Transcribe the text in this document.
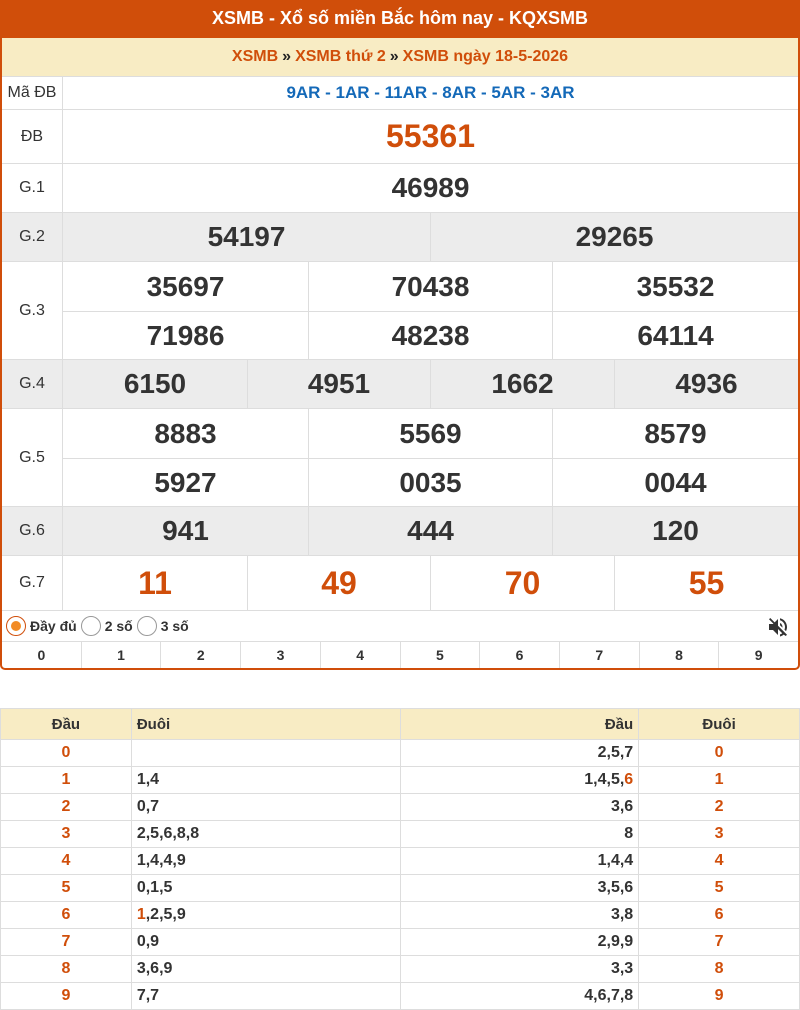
XSMB - Xổ số miền Bắc hôm nay - KQXSMB
XSMB » XSMB thứ 2 » XSMB ngày 18-5-2026
Mã ĐB	9AR - 1AR - 11AR - 8AR - 5AR - 3AR
ĐB	55361
G.1	46989
G.2	54197	29265
G.3
35697	70438	35532
71986	48238	64114
G.4	6150	4951	1662	4936
G.5
8883	5569	8579
5927	0035	0044
G.6	941	444	120
G.7	11	49	70	55
Đầy đủ 2 số 3 số
0	1	2	3	4	5	6	7	8	9
Đầu	Đuôi	Đầu	Đuôi
0		2,5,7	0
1	1,4	1,4,5,6	1
2	0,7	3,6	2
3	2,5,6,8,8	8	3
4	1,4,4,9	1,4,4	4
5	0,1,5	3,5,6	5
6	1,2,5,9	3,8	6
7	0,9	2,9,9	7
8	3,6,9	3,3	8
9	7,7	4,6,7,8	9
